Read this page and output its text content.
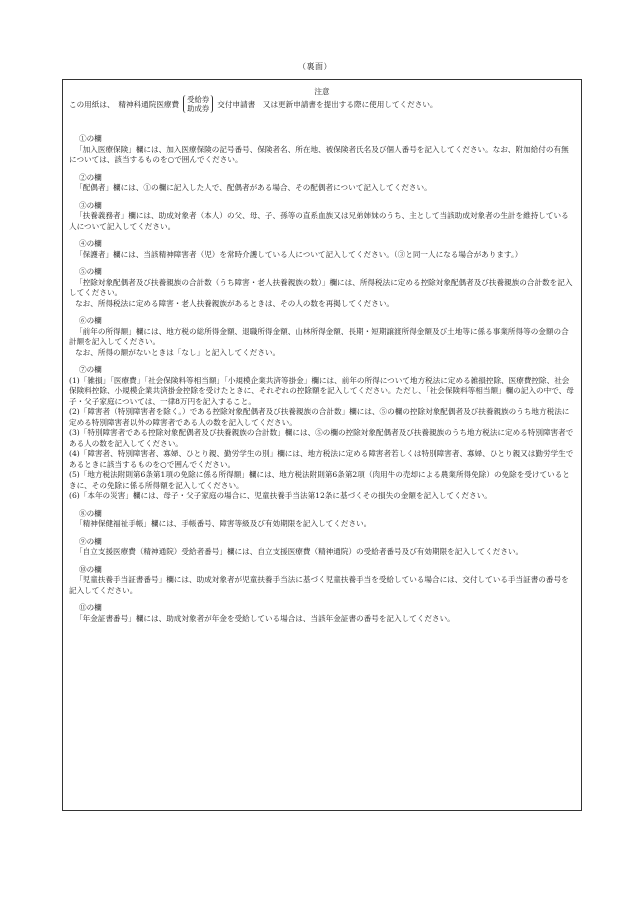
（裏面）
注意
この用紙は、　精神科通院医療費 受給券
助成券 交付申請書　又は更新申請書を提出する際に使用してください。
①の欄

「加入医療保険」欄には、加入医療保険の記号番号、保険者名、所在地、被保険者氏名及び個人番号を記入してください。なお、附加給付の有無については、該当するものを○で囲んでください。

②の欄

「配偶者」欄には、①の欄に記入した人で、配偶者がある場合、その配偶者について記入してください。

③の欄

「扶養義務者」欄には、助成対象者（本人）の父、母、子、孫等の直系血族又は兄弟姉妹のうち、主として当該助成対象者の生計を維持している人について記入してください。

④の欄

「保護者」欄には、当該精神障害者（児）を常時介護している人について記入してください。（③と同一人になる場合があります。）

⑤の欄

「控除対象配偶者及び扶養親族の合計数（うち障害・老人扶養親族の数）」欄には、所得税法に定める控除対象配偶者及び扶養親族の合計数を記入してください。

なお、所得税法に定める障害・老人扶養親族があるときは、その人の数を再掲してください。

⑥の欄

「前年の所得額」欄には、地方税の総所得金額、退職所得金額、山林所得金額、長期・短期譲渡所得金額及び土地等に係る事業所得等の金額の合計額を記入してください。

なお、所得の額がないときは「なし」と記入してください。

⑦の欄

(1)「雑損」「医療費」「社会保険料等相当額」「小規模企業共済等掛金」欄には、前年の所得について地方税法に定める雑損控除、医療費控除、社会保険料控除、小規模企業共済掛金控除を受けたときに、それぞれの控除額を記入してください。ただし、「社会保険料等相当額」欄の記入の中で、母子・父子家庭については、一律8万円を記入すること。

(2)「障害者（特別障害者を除く。）である控除対象配偶者及び扶養親族の合計数」欄には、⑤の欄の控除対象配偶者及び扶養親族のうち地方税法に定める特別障害者以外の障害者である人の数を記入してください。

(3)「特別障害者である控除対象配偶者及び扶養親族の合計数」欄には、⑤の欄の控除対象配偶者及び扶養親族のうち地方税法に定める特別障害者である人の数を記入してください。

(4)「障害者、特別障害者、寡婦、ひとり親、勤労学生の別」欄には、地方税法に定める障害者若しくは特別障害者、寡婦、ひとり親又は勤労学生であるときに該当するものを○で囲んでください。

(5)「地方税法附則第6条第1項の免除に係る所得額」欄には、地方税法附則第6条第2項（肉用牛の売却による農業所得免除）の免除を受けているときに、その免除に係る所得額を記入してください。

(6)「本年の災害」欄には、母子・父子家庭の場合に、児童扶養手当法第12条に基づくその損失の金額を記入してください。

⑧の欄

「精神保健福祉手帳」欄には、手帳番号、障害等級及び有効期限を記入してください。

⑨の欄

「自立支援医療費（精神通院）受給者番号」欄には、自立支援医療費（精神通院）の受給者番号及び有効期限を記入してください。

⑩の欄

「児童扶養手当証書番号」欄には、助成対象者が児童扶養手当法に基づく児童扶養手当を受給している場合には、交付している手当証書の番号を記入してください。

⑪の欄

「年金証書番号」欄には、助成対象者が年金を受給している場合は、当該年金証書の番号を記入してください。
